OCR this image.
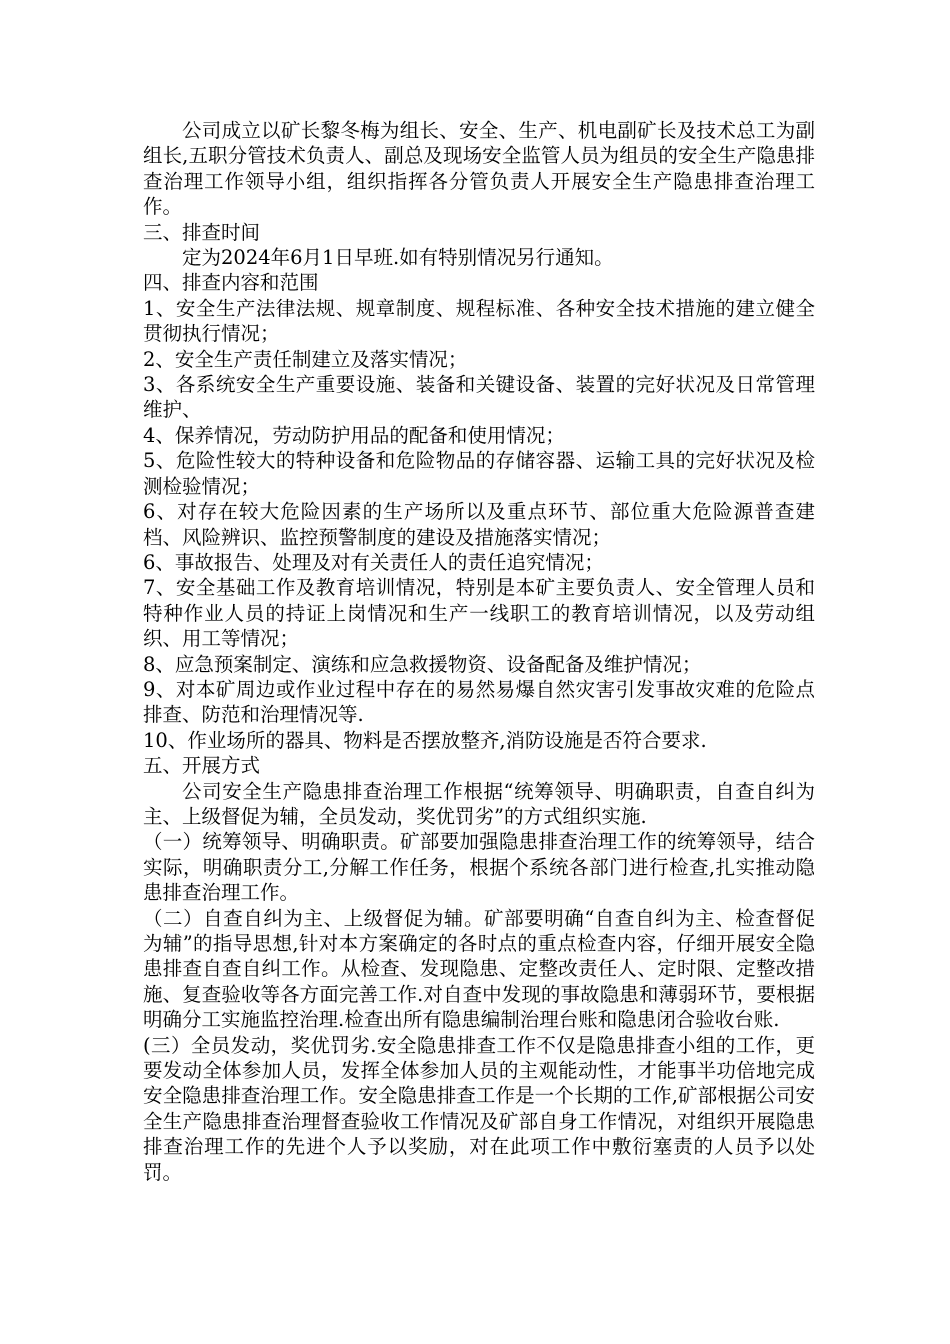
公司成立以矿长黎冬梅为组长、安全、生产、机电副矿长及技术总工为副组长,五职分管技术负责人、副总及现场安全监管人员为组员的安全生产隐患排查治理工作领导小组，组织指挥各分管负责人开展安全生产隐患排查治理工作。

三、排查时间

定为2024年6月1日早班.如有特别情况另行通知。

四、排查内容和范围

1、安全生产法律法规、规章制度、规程标准、各种安全技术措施的建立健全贯彻执行情况；

2、安全生产责任制建立及落实情况；

3、各系统安全生产重要设施、装备和关键设备、装置的完好状况及日常管理维护、

4、保养情况，劳动防护用品的配备和使用情况；

5、危险性较大的特种设备和危险物品的存储容器、运输工具的完好状况及检测检验情况；

6、对存在较大危险因素的生产场所以及重点环节、部位重大危险源普查建档、风险辨识、监控预警制度的建设及措施落实情况；

6、事故报告、处理及对有关责任人的责任追究情况；

7、安全基础工作及教育培训情况，特别是本矿主要负责人、安全管理人员和特种作业人员的持证上岗情况和生产一线职工的教育培训情况，以及劳动组织、用工等情况；

8、应急预案制定、演练和应急救援物资、设备配备及维护情况；

9、对本矿周边或作业过程中存在的易然易爆自然灾害引发事故灾难的危险点排查、防范和治理情况等.

10、作业场所的器具、物料是否摆放整齐,消防设施是否符合要求.

五、开展方式

公司安全生产隐患排查治理工作根据“统筹领导、明确职责，自查自纠为主、上级督促为辅，全员发动，奖优罚劣”的方式组织实施.

（一）统筹领导、明确职责。矿部要加强隐患排查治理工作的统筹领导，结合实际，明确职责分工,分解工作任务，根据个系统各部门进行检查,扎实推动隐患排查治理工作。

（二）自查自纠为主、上级督促为辅。矿部要明确“自查自纠为主、检查督促为辅”的指导思想,针对本方案确定的各时点的重点检查内容，仔细开展安全隐患排查自查自纠工作。从检查、发现隐患、定整改责任人、定时限、定整改措施、复查验收等各方面完善工作.对自查中发现的事故隐患和薄弱环节，要根据明确分工实施监控治理.检查出所有隐患编制治理台账和隐患闭合验收台账.

(三）全员发动，奖优罚劣.安全隐患排查工作不仅是隐患排查小组的工作，更要发动全体参加人员，发挥全体参加人员的主观能动性，才能事半功倍地完成安全隐患排查治理工作。安全隐患排查工作是一个长期的工作,矿部根据公司安全生产隐患排查治理督查验收工作情况及矿部自身工作情况，对组织开展隐患排查治理工作的先进个人予以奖励，对在此项工作中敷衍塞责的人员予以处罚。
